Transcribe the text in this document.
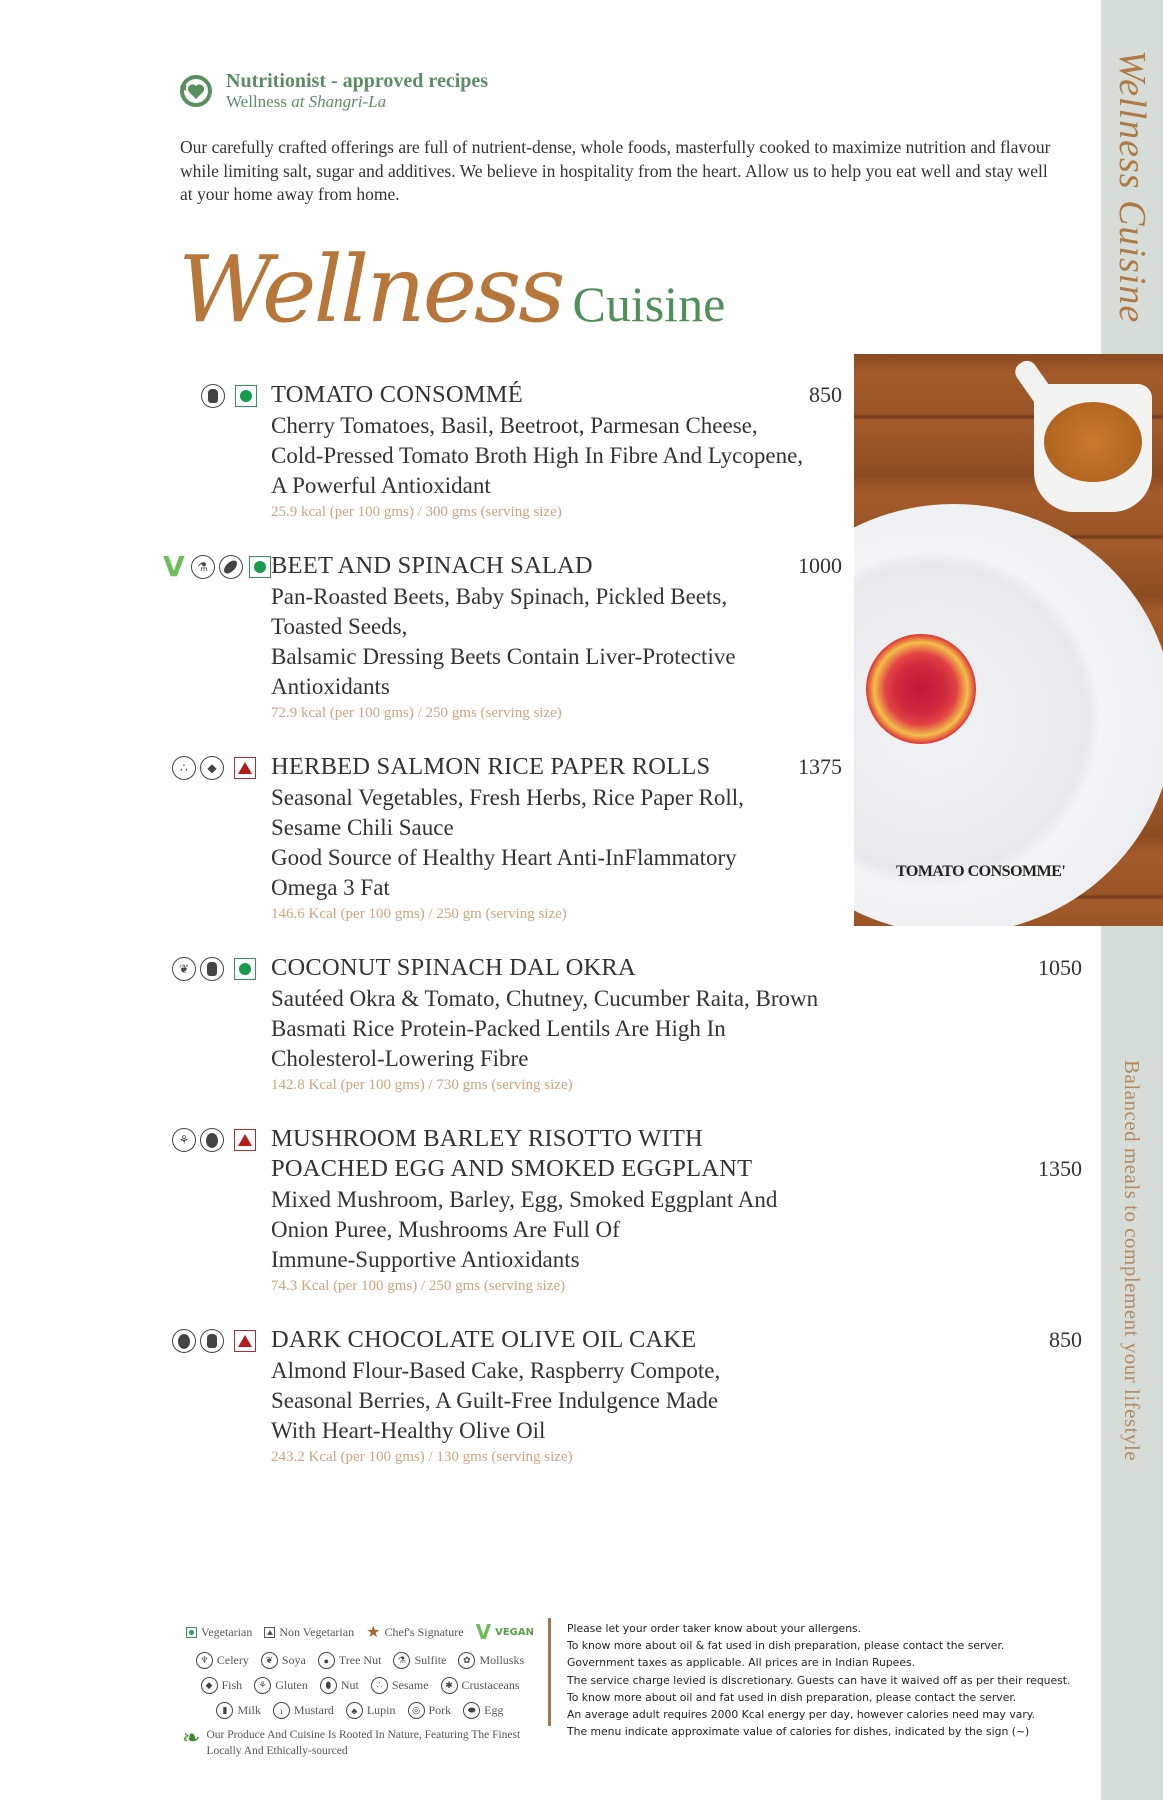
Wellness Cuisine
Balanced meals to complement your lifestyle
Nutritionist - approved recipes
Wellness at Shangri-La

Our carefully crafted offerings are full of nutrient-dense, whole foods, masterfully cooked to maximize nutrition and flavour while limiting salt, sugar and additives. We believe in hospitality from the heart. Allow us to help you eat well and stay well at your home away from home.

Wellness Cuisine
TOMATO CONSOMME'
TOMATO CONSOMMÉ	850
Cherry Tomatoes, Basil, Beetroot, Parmesan Cheese,
Cold-Pressed Tomato Broth High In Fibre And Lycopene,
A Powerful Antioxidant
25.9 kcal (per 100 gms) / 300 gms (serving size)
V	⚗	BEET AND SPINACH SALAD	1000
Pan-Roasted Beets, Baby Spinach, Pickled Beets,
Toasted Seeds,
Balsamic Dressing Beets Contain Liver-Protective
Antioxidants
72.9 kcal (per 100 gms) / 250 gms (serving size)
∴	◆	HERBED SALMON RICE PAPER ROLLS	1375
Seasonal Vegetables, Fresh Herbs, Rice Paper Roll,
Sesame Chili Sauce
Good Source of Healthy Heart Anti-InFlammatory
Omega 3 Fat
146.6 Kcal (per 100 gms) / 250 gm (serving size)
❦	COCONUT SPINACH DAL OKRA	1050
Sautéed Okra & Tomato, Chutney, Cucumber Raita, Brown
Basmati Rice Protein-Packed Lentils Are High In
Cholesterol-Lowering Fibre
142.8 Kcal (per 100 gms) / 730 gms (serving size)
⚘	MUSHROOM BARLEY RISOTTO WITH
POACHED EGG AND SMOKED EGGPLANT	1350
Mixed Mushroom, Barley, Egg, Smoked Eggplant And
Onion Puree, Mushrooms Are Full Of
Immune-Supportive Antioxidants
74.3 Kcal (per 100 gms) / 250 gms (serving size)
DARK CHOCOLATE OLIVE OIL CAKE	850
Almond Flour-Based Cake, Raspberry Compote,
Seasonal Berries, A Guilt-Free Indulgence Made
With Heart-Healthy Olive Oil
243.2 Kcal (per 100 gms) / 130 gms (serving size)
Vegetarian Non Vegetarian ★ Chef's Signature V VEGAN
♆ Celery	❦ Soya	● Tree Nut	⚗ Sulfite	✿ Mollusks
◆ Fish	⚘ Gluten	⬮ Nut	∴ Sesame	✱ Crustaceans
▮ Milk	ı Mustard	♣ Lupin	◎ Pork	⬬ Egg
❧ Our Produce And Cuisine Is Rooted In Nature, Featuring The Finest Locally And Ethically-sourced
Please let your order taker know about your allergens.
To know more about oil & fat used in dish preparation, please contact the server.
Government taxes as applicable. All prices are in Indian Rupees.
The service charge levied is discretionary. Guests can have it waived off as per their request.
To know more about oil and fat used in dish preparation, please contact the server.
An average adult requires 2000 Kcal energy per day, however calories need may vary.
The menu indicate approximate value of calories for dishes, indicated by the sign (~)
